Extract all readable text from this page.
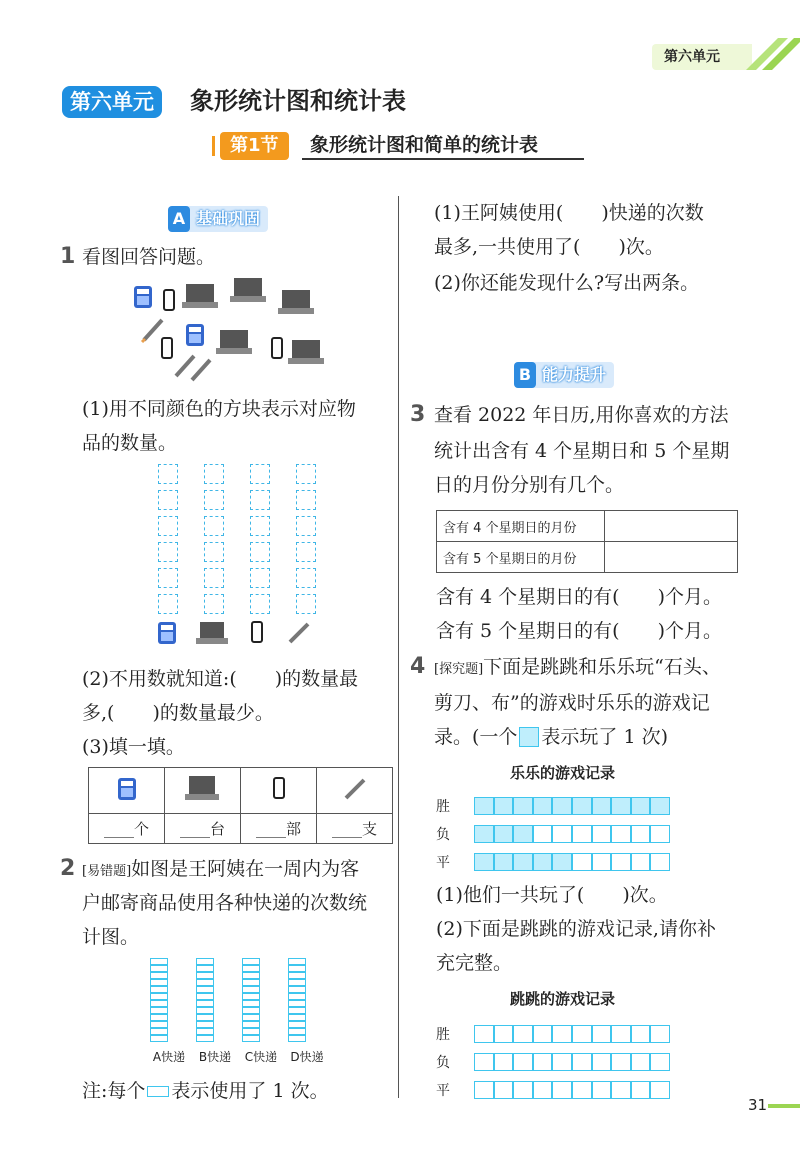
第六单元
第六单元	象形统计图和统计表
第1节	象形统计图和简单的统计表
A 基础巩固
1 看图回答问题。
(1)用不同颜色的方块表示对应物
品的数量。
(2)不用数就知道:(　　)的数量最
多,(　　)的数量最少。
(3)填一填。

____个	____台	____部	____支
2 [易错题]如图是王阿姨在一周内为客
户邮寄商品使用各种快递的次数统
计图。
A快递	B快递	C快递	D快递
注:每个 表示使用了 1 次。
(1)王阿姨使用(　　)快递的次数
最多,一共使用了(　　)次。
(2)你还能发现什么?写出两条。
B 能力提升
3 查看 2022 年日历,用你喜欢的方法
统计出含有 4 个星期日和 5 个星期
日的月份分别有几个。
含有 4 个星期日的月份	
含有 5 个星期日的月份	
含有 4 个星期日的有(　　)个月。
含有 5 个星期日的有(　　)个月。
4 [探究题]下面是跳跳和乐乐玩“石头、
剪刀、布”的游戏时乐乐的游戏记
录。(一个 表示玩了 1 次)
乐乐的游戏记录
胜
负
平
(1)他们一共玩了(　　)次。
(2)下面是跳跳的游戏记录,请你补
充完整。
跳跳的游戏记录
胜
负
平
31
